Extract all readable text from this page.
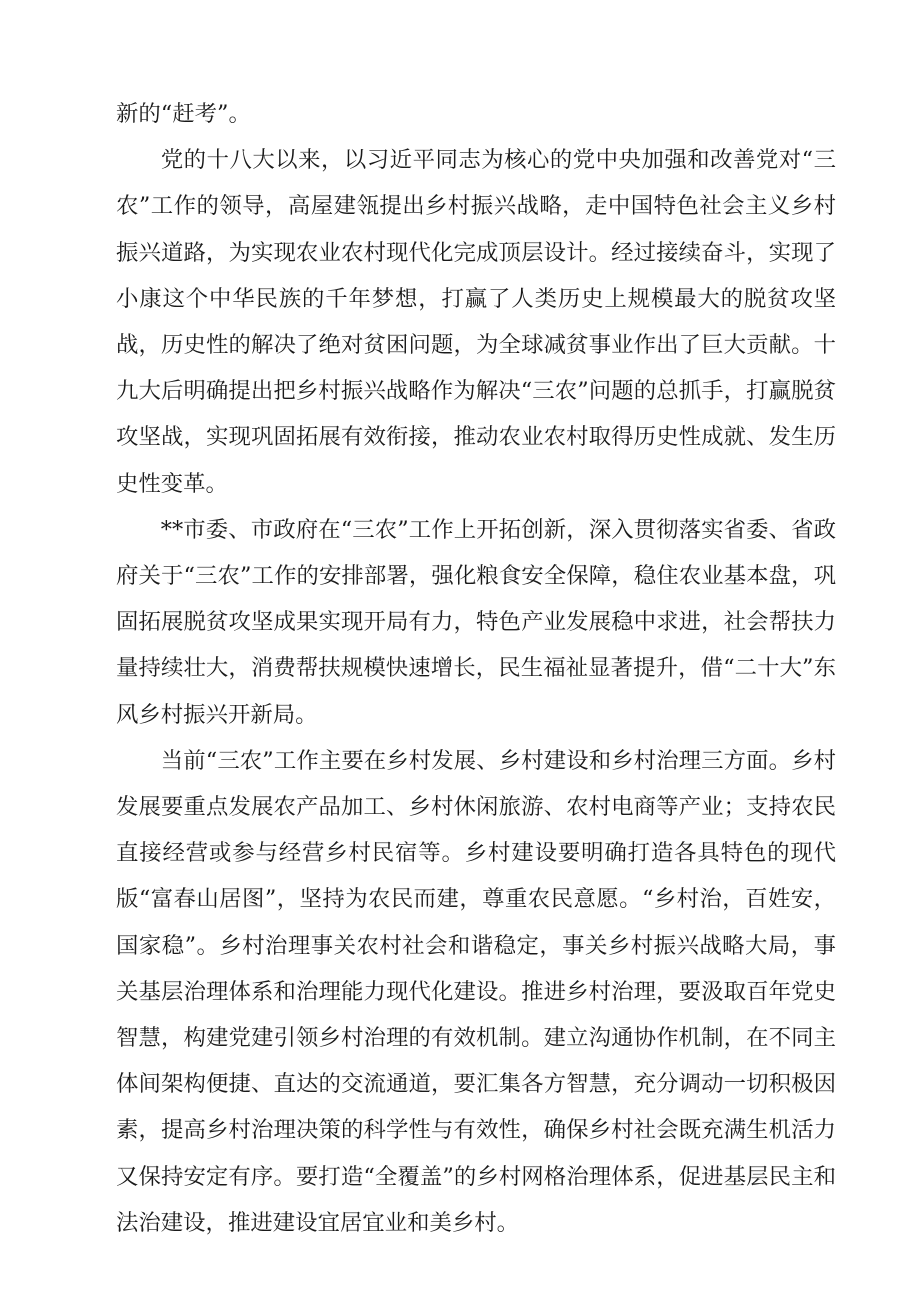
新的“赶考”。

党的十八大以来，以习近平同志为核心的党中央加强和改善党对“三农”工作的领导，高屋建瓴提出乡村振兴战略，走中国特色社会主义乡村振兴道路，为实现农业农村现代化完成顶层设计。经过接续奋斗，实现了小康这个中华民族的千年梦想，打赢了人类历史上规模最大的脱贫攻坚战，历史性的解决了绝对贫困问题，为全球减贫事业作出了巨大贡献。十九大后明确提出把乡村振兴战略作为解决“三农”问题的总抓手，打赢脱贫攻坚战，实现巩固拓展有效衔接，推动农业农村取得历史性成就、发生历史性变革。

**市委、市政府在“三农”工作上开拓创新，深入贯彻落实省委、省政府关于“三农”工作的安排部署，强化粮食安全保障，稳住农业基本盘，巩固拓展脱贫攻坚成果实现开局有力，特色产业发展稳中求进，社会帮扶力量持续壮大，消费帮扶规模快速增长，民生福祉显著提升，借“二十大”东风乡村振兴开新局。

当前“三农”工作主要在乡村发展、乡村建设和乡村治理三方面。乡村发展要重点发展农产品加工、乡村休闲旅游、农村电商等产业；支持农民直接经营或参与经营乡村民宿等。乡村建设要明确打造各具特色的现代版“富春山居图”，坚持为农民而建，尊重农民意愿。“乡村治，百姓安，国家稳”。乡村治理事关农村社会和谐稳定，事关乡村振兴战略大局，事关基层治理体系和治理能力现代化建设。推进乡村治理，要汲取百年党史智慧，构建党建引领乡村治理的有效机制。建立沟通协作机制，在不同主体间架构便捷、直达的交流通道，要汇集各方智慧，充分调动一切积极因素，提高乡村治理决策的科学性与有效性，确保乡村社会既充满生机活力又保持安定有序。要打造“全覆盖”的乡村网格治理体系，促进基层民主和法治建设，推进建设宜居宜业和美乡村。
